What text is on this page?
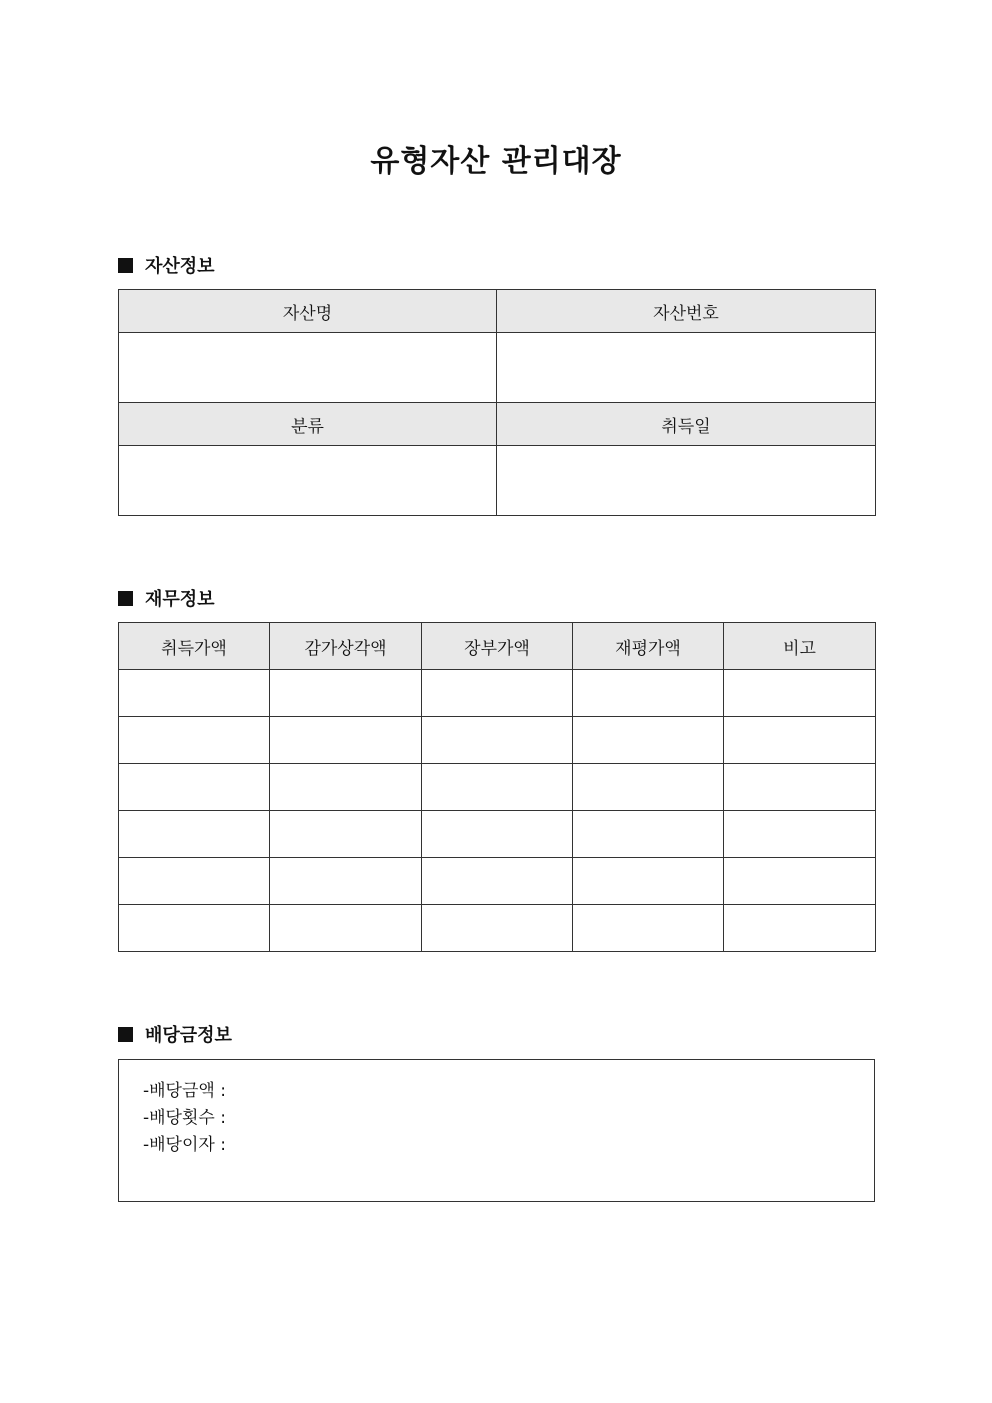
유형자산 관리대장
자산정보
자산명	자산번호

분류	취득일

재무정보
취득가액	감가상각액	장부가액	재평가액	비고

배당금정보
-배당금액 :
-배당횟수 :
-배당이자 :
